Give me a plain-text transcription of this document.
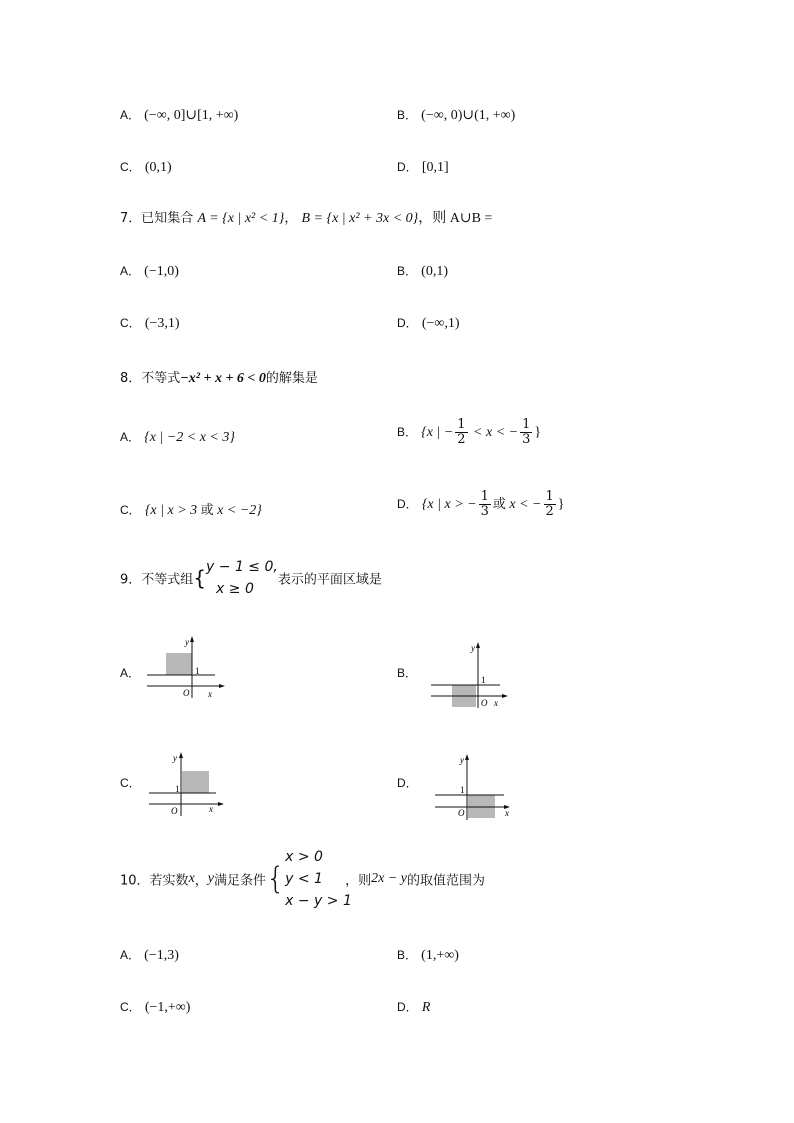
A． (−∞, 0]∪[1, +∞)	B． (−∞, 0)∪(1, +∞)
C． (0,1)	D． [0,1]
7．已知集合 A = {x | x² < 1}， B = {x | x² + 3x < 0}，则 A∪B =
A． (−1,0)	B． (0,1)
C． (−3,1)	D． (−∞,1)
8．不等式−x² + x + 6 < 0的解集是
A． {x | −2 < x < 3}	B． {x | − $\frac{1}{2} < x$ < − $\frac{1}{3}$ }
C． {x | x > 3 或 x < −2}	D． {x | x > − $\frac{1}{3}$ 或 x < − $\frac{1}{2}$ }
9．不等式组{ y − 1 ≤ 0,
x ≥ 0
表示的平面区域是
A．
y
1
O x
B．
y
1
O x
C．
y
1
O	x
D．
y
1
O	x
10．若实数x，y满足条件{
x > 0
y < 1
x − y > 1
，则2x − y的取值范围为
A． (−1,3)	B． (1,+∞)
C． (−1,+∞)	D． R
